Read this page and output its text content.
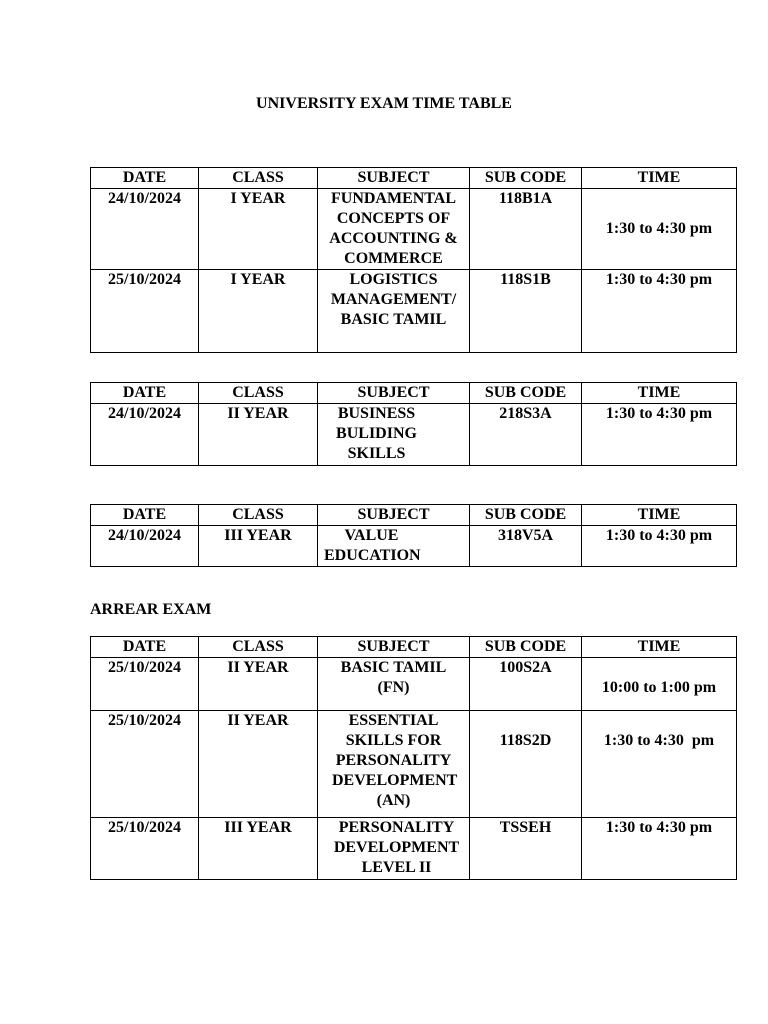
UNIVERSITY EXAM TIME TABLE
DATE	CLASS	SUBJECT	SUB CODE	TIME
24/10/2024	I YEAR	FUNDAMENTAL CONCEPTS OF ACCOUNTING & COMMERCE	118B1A	1:30 to 4:30 pm
25/10/2024	I YEAR	LOGISTICS MANAGEMENT/ BASIC TAMIL	118S1B	1:30 to 4:30 pm
DATE	CLASS	SUBJECT	SUB CODE	TIME
24/10/2024	II YEAR	BUSINESS BULIDING SKILLS	218S3A	1:30 to 4:30 pm
DATE	CLASS	SUBJECT	SUB CODE	TIME
24/10/2024	III YEAR	VALUE EDUCATION	318V5A	1:30 to 4:30 pm
ARREAR EXAM
DATE	CLASS	SUBJECT	SUB CODE	TIME
25/10/2024	II YEAR	BASIC TAMIL (FN)	100S2A	10:00 to 1:00 pm
25/10/2024	II YEAR	ESSENTIAL SKILLS FOR PERSONALITY DEVELOPMENT (AN)	118S2D	1:30 to 4:30  pm
25/10/2024	III YEAR	PERSONALITY DEVELOPMENT LEVEL II	TSSEH	1:30 to 4:30 pm
